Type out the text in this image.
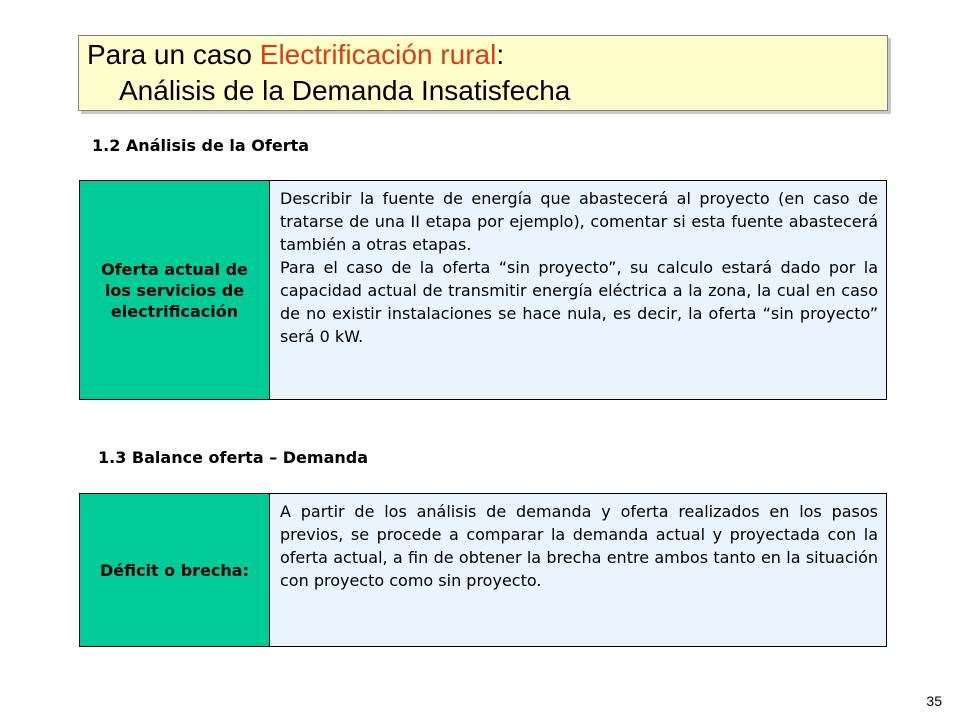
Para un caso Electrificación rural:
Análisis de la Demanda Insatisfecha
1.2 Análisis de la Oferta
Oferta actual de los servicios de electrificación

Describir la fuente de energía que abastecerá al proyecto (en caso de tratarse de una II etapa por ejemplo), comentar si esta fuente abastecerá también a otras etapas.

Para el caso de la oferta “sin proyecto”, su calculo estará dado por la capacidad actual de transmitir energía eléctrica a la zona, la cual en caso de no existir instalaciones se hace nula, es decir, la oferta “sin proyecto” será 0 kW.

1.3 Balance oferta – Demanda
Déficit o brecha:

A partir de los análisis de demanda y oferta realizados en los pasos previos, se procede a comparar la demanda actual y proyectada con la oferta actual, a fin de obtener la brecha entre ambos tanto en la situación con proyecto como sin proyecto.

35
